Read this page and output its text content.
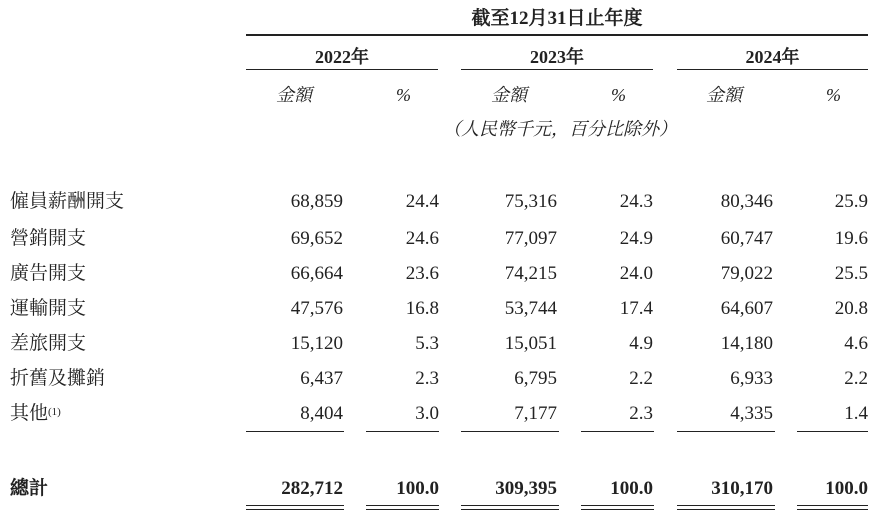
截至12月31日止年度
2022年	2023年	2024年
金額	%	金額	%	金額	%
（人民幣千元，百分比除外）
僱員薪酬開支	68,859	24.4	75,316	24.3	80,346	25.9
營銷開支	69,652	24.6	77,097	24.9	60,747	19.6
廣告開支	66,664	23.6	74,215	24.0	79,022	25.5
運輸開支	47,576	16.8	53,744	17.4	64,607	20.8
差旅開支	15,120	5.3	15,051	4.9	14,180	4.6
折舊及攤銷	6,437	2.3	6,795	2.2	6,933	2.2
其他$^{(1)}$	8,404	3.0	7,177	2.3	4,335	1.4
總計	282,712	100.0	309,395	100.0	310,170	100.0
